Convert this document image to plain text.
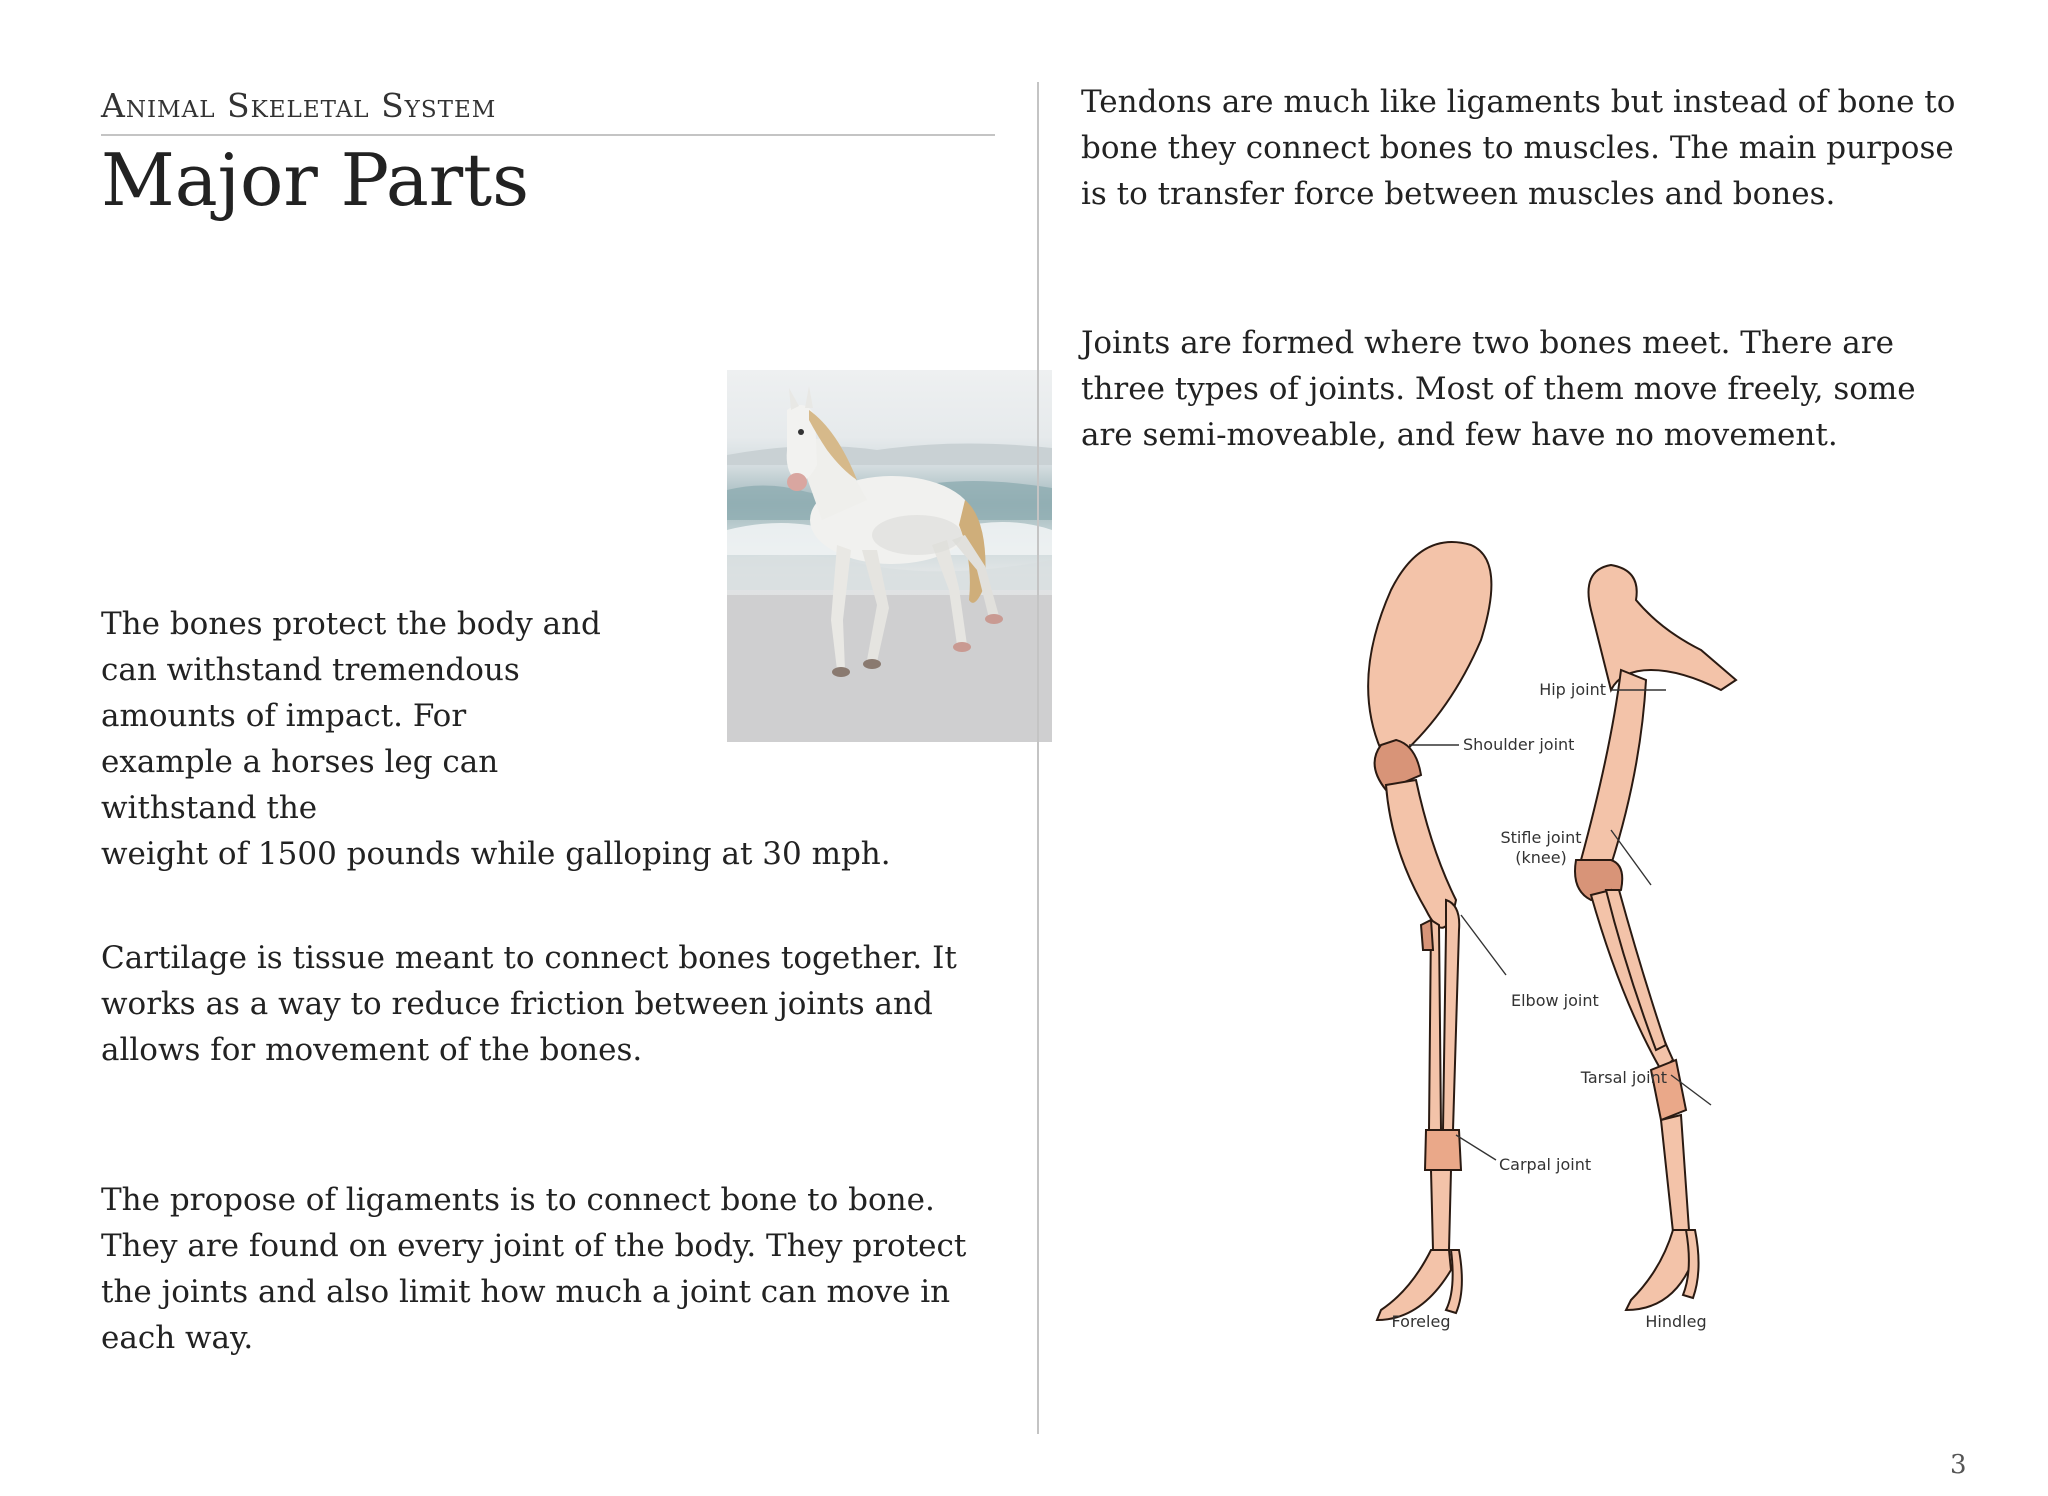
Animal Skeletal System
Major Parts

The bones protect the body and can withstand tremendous amounts of impact. For example a horses leg can withstand the
weight of 1500 pounds while galloping at 30 mph.

Cartilage is tissue meant to connect bones together. It works as a way to reduce friction between joints and allows for movement of the bones.

The propose of ligaments is to connect bone to bone. They are found on every joint of the body. They protect the joints and also limit how much a joint can move in each way.

Tendons are much like ligaments but instead of bone to bone they connect bones to muscles. The main purpose is to transfer force between muscles and bones.

Joints are formed where two bones meet. There are three types of joints. Most of them move freely, some are semi-moveable, and few have no movement.

Hip joint
Shoulder joint
Stifle joint
(knee)
Elbow joint
Tarsal joint
Carpal joint
Foreleg	Hindleg
3
